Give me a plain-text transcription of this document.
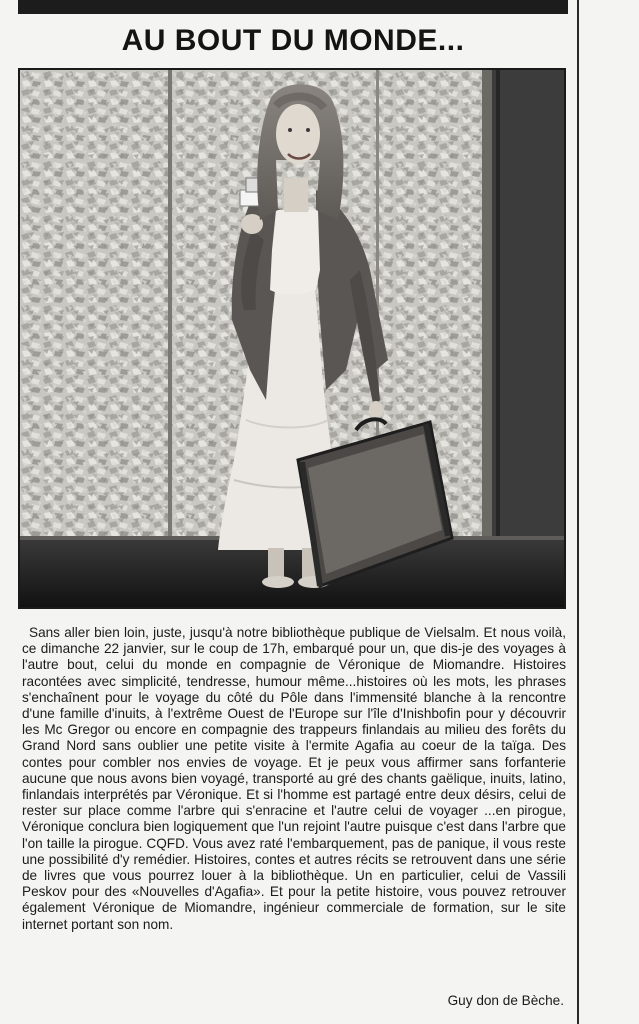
AU BOUT DU MONDE...

Sans aller bien loin, juste, jusqu'à notre bibliothèque publique de Vielsalm. Et nous voilà, ce dimanche 22 janvier, sur le coup de 17h, embarqué pour un, que dis-je des voyages à l'autre bout, celui du monde en compagnie de Véronique de Miomandre. Histoires racontées avec simplicité, tendresse, humour même...histoires où les mots, les phrases s'enchaînent pour le voyage du côté du Pôle dans l'immensité blanche à la rencontre d'une famille d'inuits, à l'extrême Ouest de l'Europe sur l'île d'Inishbofin pour y découvrir les Mc Gregor ou encore en compagnie des trappeurs finlandais au milieu des forêts du Grand Nord sans oublier une petite visite à l'ermite Agafia au coeur de la taïga. Des contes pour combler nos envies de voyage. Et je peux vous affirmer sans forfanterie aucune que nous avons bien voyagé, transporté au gré des chants gaëlique, inuits, latino, finlandais interprétés par Véronique. Et si l'homme est partagé entre deux désirs, celui de rester sur place comme l'arbre qui s'enracine et l'autre celui de voyager ...en pirogue, Véronique conclura bien logiquement que l'un rejoint l'autre puisque c'est dans l'arbre que l'on taille la pirogue. CQFD. Vous avez raté l'embarquement, pas de panique, il vous reste une possibilité d'y remédier. Histoires, contes et autres récits se retrouvent dans une série de livres que vous pourrez louer à la bibliothèque. Un en particulier, celui de Vassili Peskov pour des «Nouvelles d'Agafia». Et pour la petite histoire, vous pouvez retrouver également Véronique de Miomandre, ingénieur commerciale de formation, sur le site internet portant son nom.

Guy don de Bèche.
